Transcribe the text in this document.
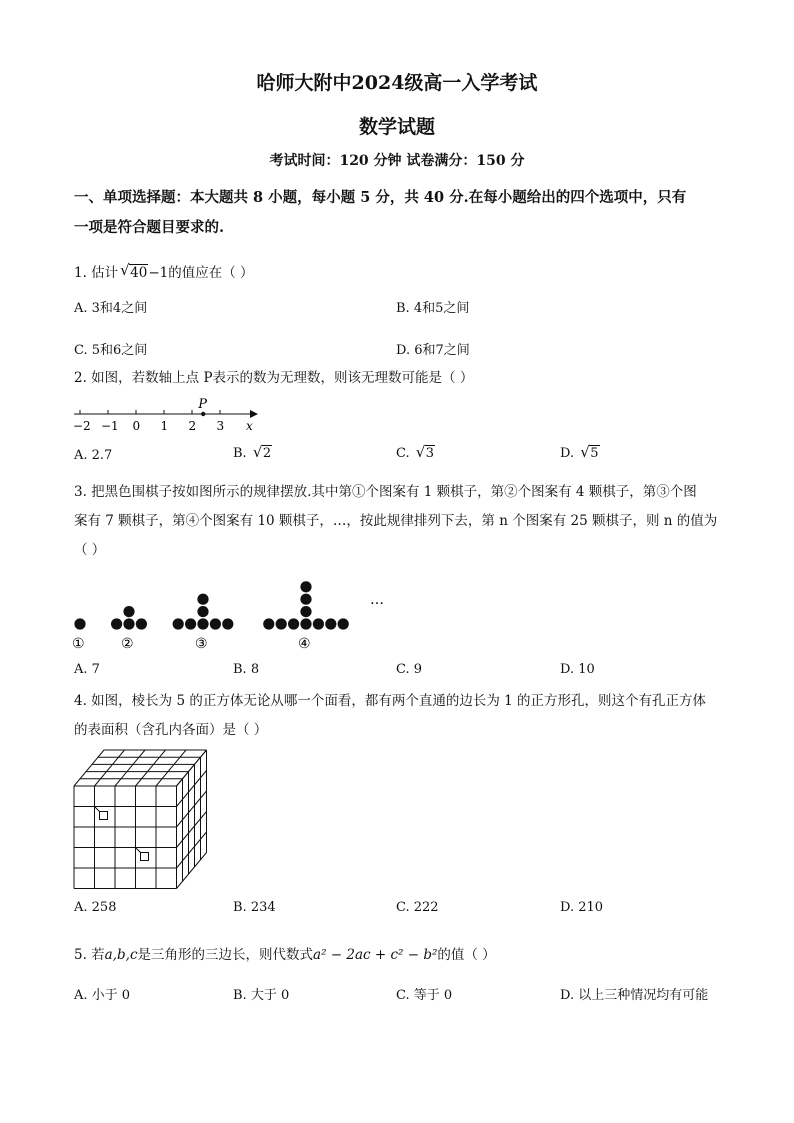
哈师大附中2024级高一入学考试
数学试题
考试时间：120 分钟 试卷满分：150 分
一、单项选择题：本大题共 8 小题，每小题 5 分，共 40 分.在每小题给出的四个选项中，只有
一项是符合题目要求的.
1. 估计 √ 40−1的值应在（ ）
A. 3和4之间	B. 4和5之间
C. 5和6之间	D. 6和7之间
2. 如图，若数轴上点 P表示的数为无理数，则该无理数可能是（ ）
−2 −1 0 1 2 3 x
P
A. 2.7	B. √ 2	C. √ 3	D. √ 5
3. 把黑色围棋子按如图所示的规律摆放.其中第①个图案有 1 颗棋子，第②个图案有 4 颗棋子，第③个图
案有 7 颗棋子，第④个图案有 10 颗棋子，…，按此规律排列下去，第 n 个图案有 25 颗棋子，则 n 的值为
（ ）
①	②	③	④
…
A. 7	B. 8	C. 9	D. 10
4. 如图，棱长为 5 的正方体无论从哪一个面看，都有两个直通的边长为 1 的正方形孔，则这个有孔正方体
的表面积（含孔内各面）是（ ）
A. 258	B. 234	C. 222	D. 210
5. 若a,b,c是三角形的三边长，则代数式a² − 2ac + c² − b²的值（ ）
A. 小于 0	B. 大于 0	C. 等于 0	D. 以上三种情况均有可能
